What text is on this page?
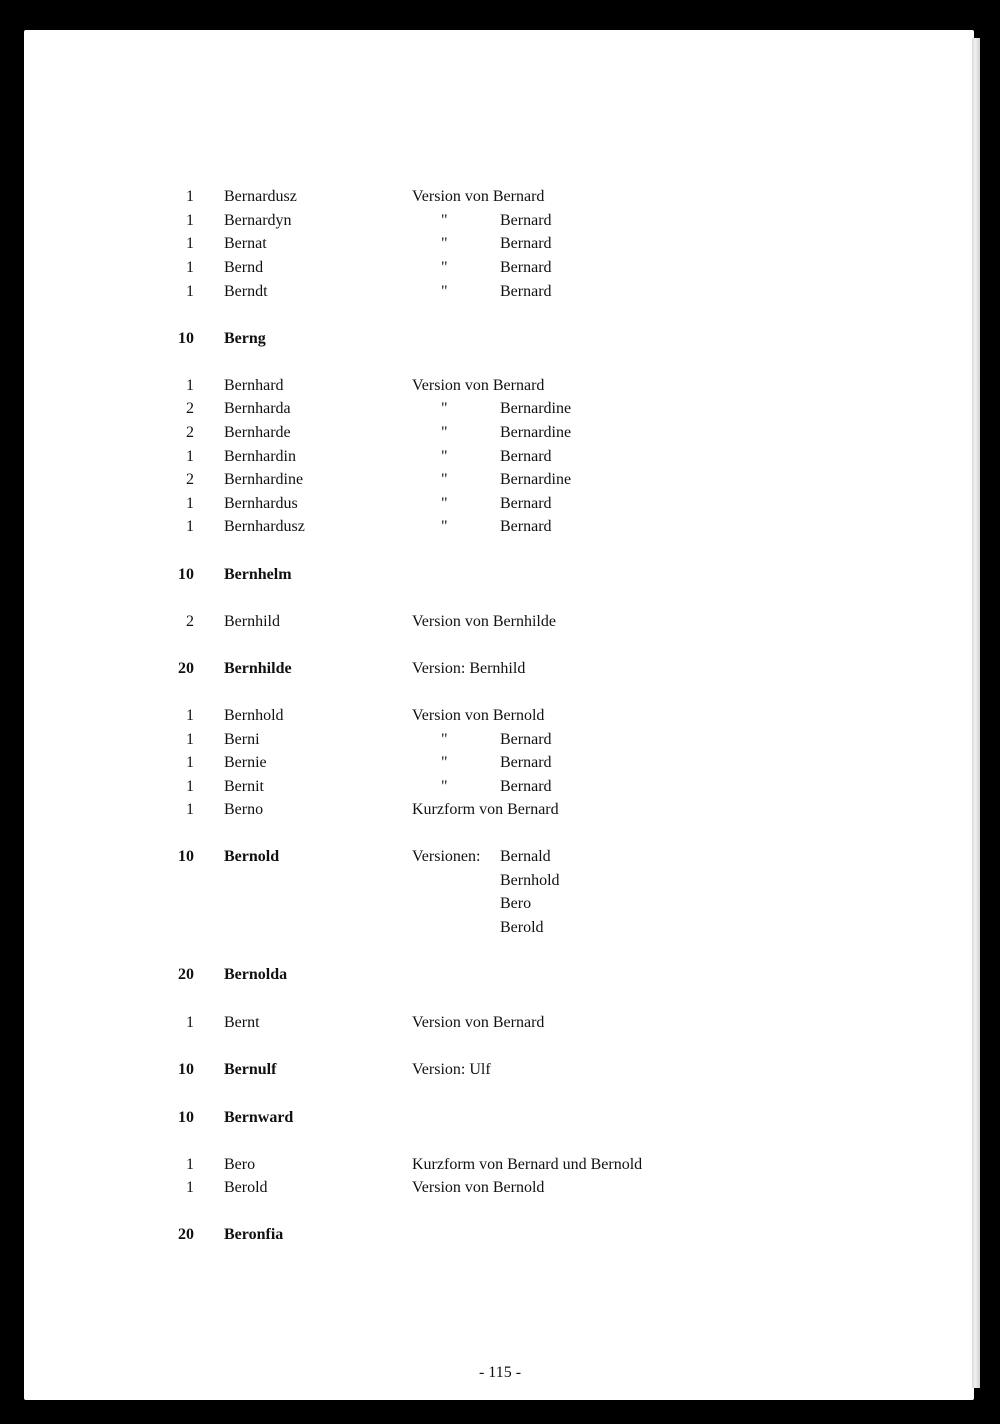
1 Bernardusz	Version von Bernard
1 Bernardyn	"	Bernard
1 Bernat	"	Bernard
1 Bernd	"	Bernard
1 Berndt	"	Bernard
10 Berng
1 Bernhard	Version von Bernard
2 Bernharda	"	Bernardine
2 Bernharde	"	Bernardine
1 Bernhardin	"	Bernard
2 Bernhardine	"	Bernardine
1 Bernhardus	"	Bernard
1 Bernhardusz	"	Bernard
10 Bernhelm
2 Bernhild	Version von Bernhilde
20 Bernhilde	Version: Bernhild
1 Bernhold	Version von Bernold
1 Berni	"	Bernard
1 Bernie	"	Bernard
1 Bernit	"	Bernard
1 Berno	Kurzform von Bernard
10 Bernold	Versionen: Bernald
Bernhold
Bero
Berold
20 Bernolda
1 Bernt	Version von Bernard
10 Bernulf	Version: Ulf
10 Bernward
1 Bero	Kurzform von Bernard und Bernold
1 Berold	Version von Bernold
20 Beronfia
- 115 -
